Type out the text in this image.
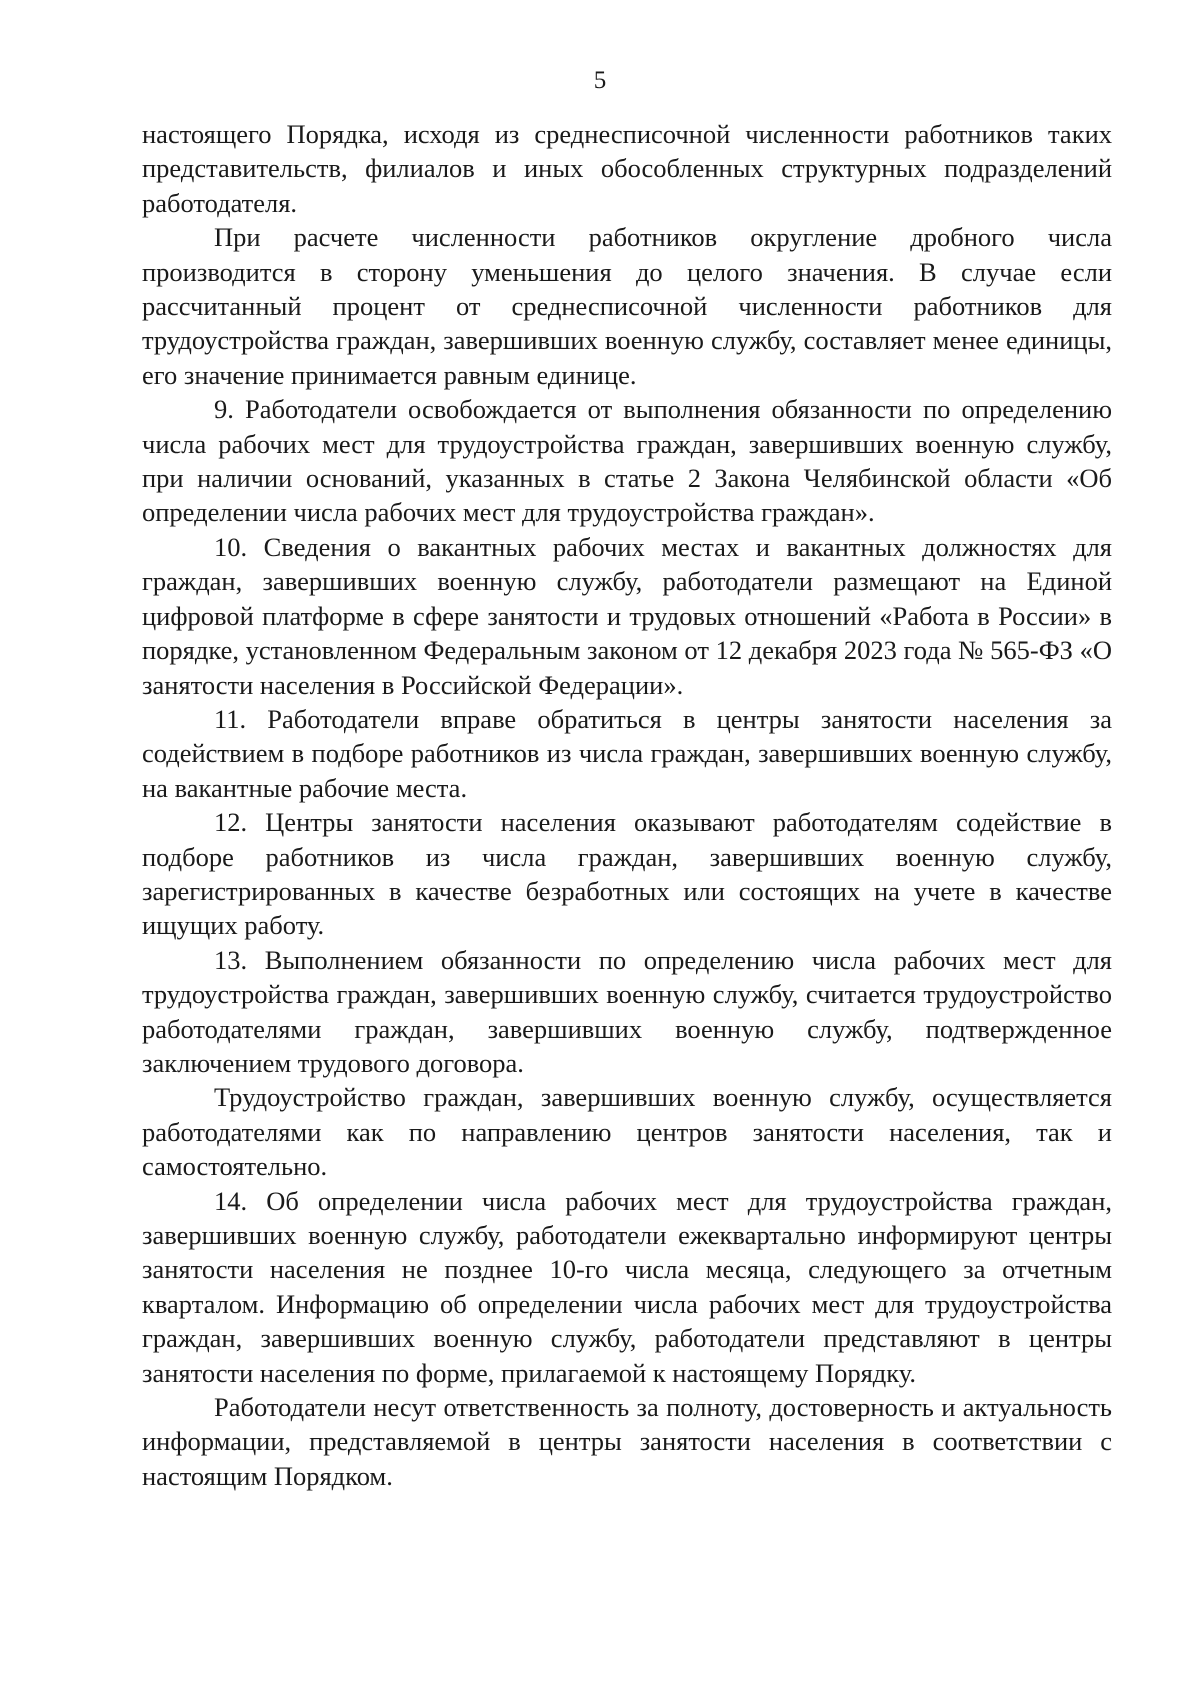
5

настоящего Порядка, исходя из среднесписочной численности работников таких представительств, филиалов и иных обособленных структурных подразделений работодателя.

При расчете численности работников округление дробного числа производится в сторону уменьшения до целого значения. В случае если рассчитанный процент от среднесписочной численности работников для трудоустройства граждан, завершивших военную службу, составляет менее единицы, его значение принимается равным единице.

9. Работодатели освобождается от выполнения обязанности по определению числа рабочих мест для трудоустройства граждан, завершивших военную службу, при наличии оснований, указанных в статье 2 Закона Челябинской области «Об определении числа рабочих мест для трудоустройства граждан».

10. Сведения о вакантных рабочих местах и вакантных должностях для граждан, завершивших военную службу, работодатели размещают на Единой цифровой платформе в сфере занятости и трудовых отношений «Работа в России» в порядке, установленном Федеральным законом от 12 декабря 2023 года № 565-ФЗ «О занятости населения в Российской Федерации».

11. Работодатели вправе обратиться в центры занятости населения за содействием в подборе работников из числа граждан, завершивших военную службу, на вакантные рабочие места.

12. Центры занятости населения оказывают работодателям содействие в подборе работников из числа граждан, завершивших военную службу, зарегистрированных в качестве безработных или состоящих на учете в качестве ищущих работу.

13. Выполнением обязанности по определению числа рабочих мест для трудоустройства граждан, завершивших военную службу, считается трудоустройство работодателями граждан, завершивших военную службу, подтвержденное заключением трудового договора.

Трудоустройство граждан, завершивших военную службу, осуществляется работодателями как по направлению центров занятости населения, так и самостоятельно.

14. Об определении числа рабочих мест для трудоустройства граждан, завершивших военную службу, работодатели ежеквартально информируют центры занятости населения не позднее 10-го числа месяца, следующего за отчетным кварталом. Информацию об определении числа рабочих мест для трудоустройства граждан, завершивших военную службу, работодатели представляют в центры занятости населения по форме, прилагаемой к настоящему Порядку.

Работодатели несут ответственность за полноту, достоверность и актуальность информации, представляемой в центры занятости населения в соответствии с настоящим Порядком.
